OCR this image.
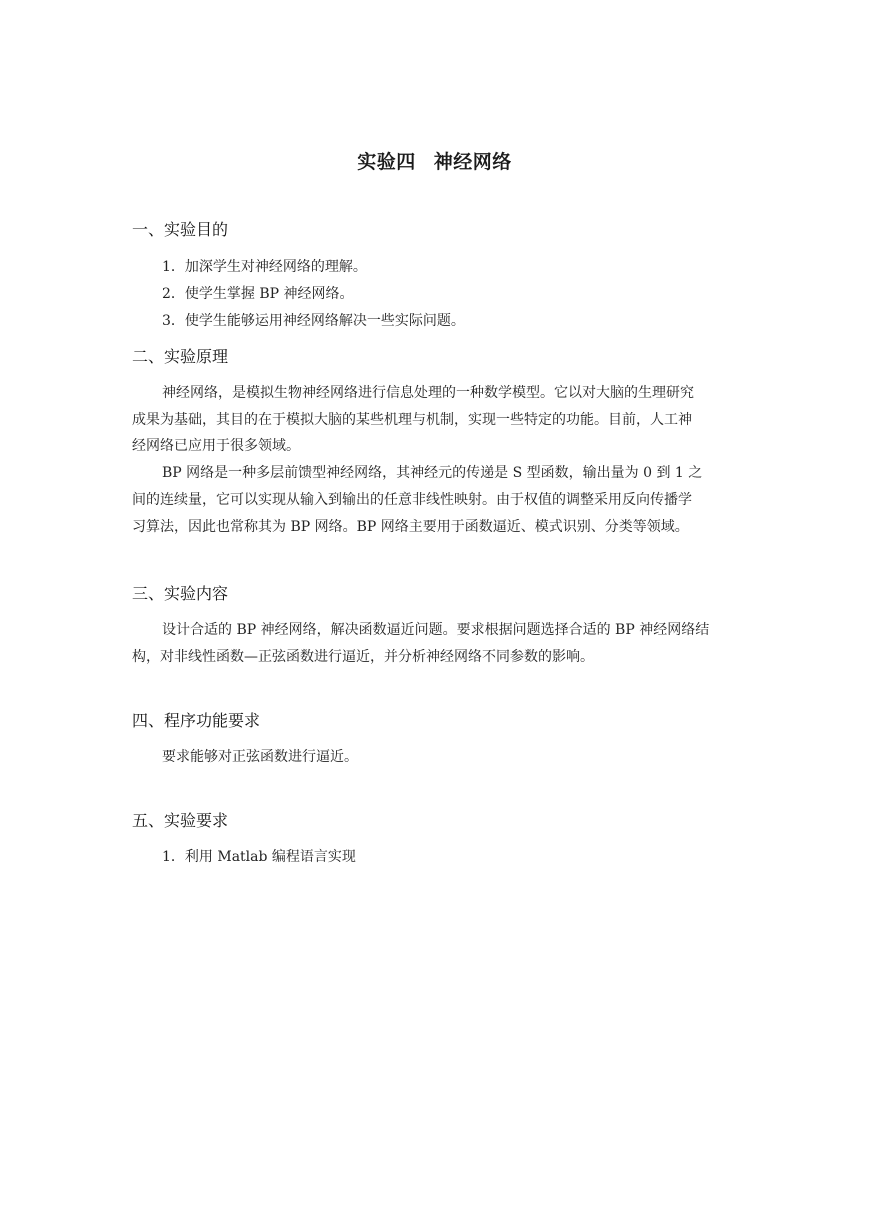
实验四 神经网络
一、实验目的
1．加深学生对神经网络的理解。
2．使学生掌握 BP 神经网络。
3．使学生能够运用神经网络解决一些实际问题。
二、实验原理
神经网络，是模拟生物神经网络进行信息处理的一种数学模型。它以对大脑的生理研究
成果为基础，其目的在于模拟大脑的某些机理与机制，实现一些特定的功能。目前，人工神
经网络已应用于很多领域。
BP 网络是一种多层前馈型神经网络，其神经元的传递是 S 型函数，输出量为 0 到 1 之
间的连续量，它可以实现从输入到输出的任意非线性映射。由于权值的调整采用反向传播学
习算法，因此也常称其为 BP 网络。BP 网络主要用于函数逼近、模式识别、分类等领域。
三、实验内容
设计合适的 BP 神经网络，解决函数逼近问题。要求根据问题选择合适的 BP 神经网络结
构，对非线性函数—正弦函数进行逼近，并分析神经网络不同参数的影响。
四、程序功能要求
要求能够对正弦函数进行逼近。
五、实验要求
1．利用 Matlab 编程语言实现
